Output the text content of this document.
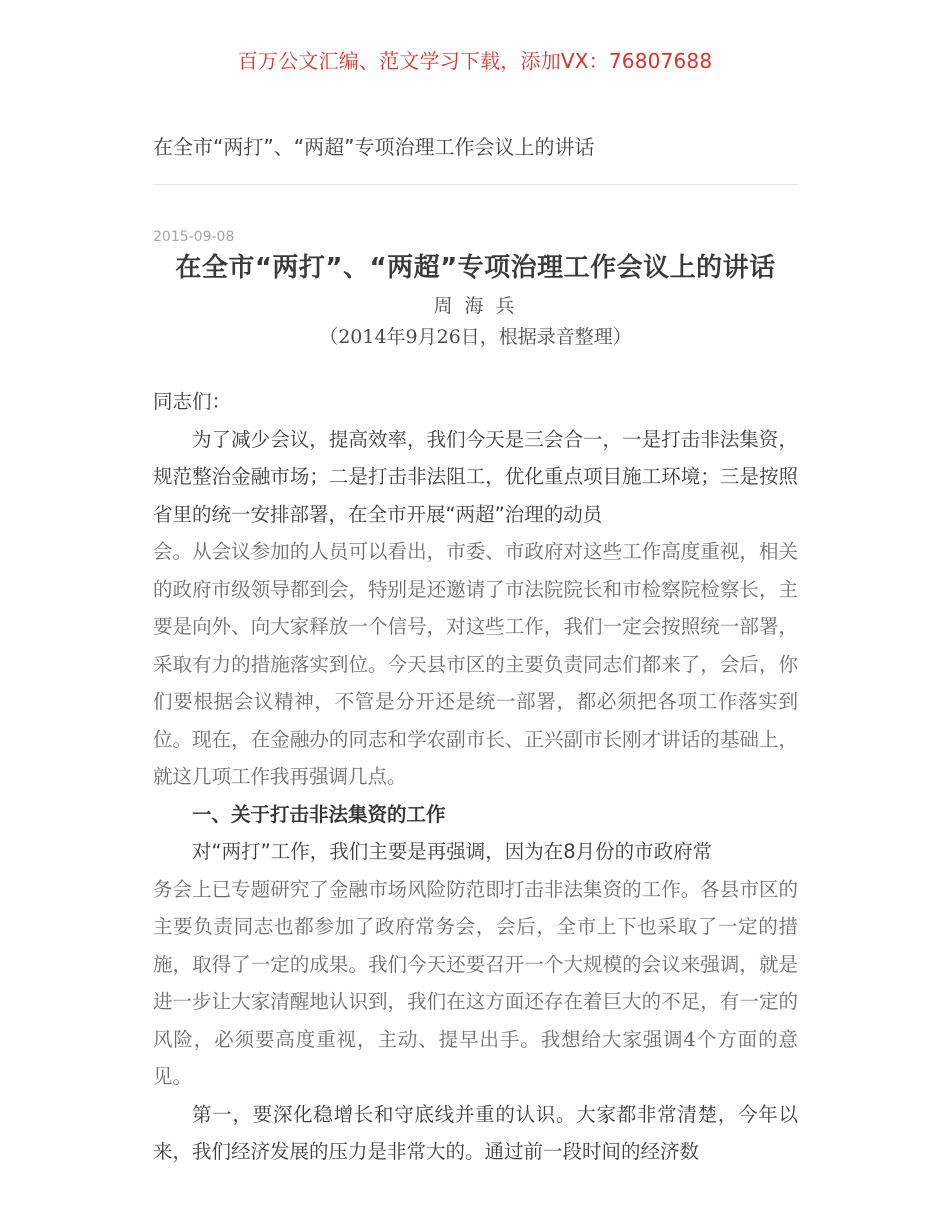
百万公文汇编、范文学习下载，添加VX：76807688
在全市“两打”、“两超”专项治理工作会议上的讲话
2015-09-08
在全市“两打”、“两超”专项治理工作会议上的讲话
周 海 兵
（2014年9月26日，根据录音整理）

同志们：

为了减少会议，提高效率，我们今天是三会合一，一是打击非法集资，规范整治金融市场；二是打击非法阻工，优化重点项目施工环境；三是按照省里的统一安排部署，在全市开展“两超”治理的动员

会。从会议参加的人员可以看出，市委、市政府对这些工作高度重视，相关的政府市级领导都到会，特别是还邀请了市法院院长和市检察院检察长，主要是向外、向大家释放一个信号，对这些工作，我们一定会按照统一部署，采取有力的措施落实到位。今天县市区的主要负责同志们都来了，会后，你们要根据会议精神，不管是分开还是统一部署，都必须把各项工作落实到位。现在，在金融办的同志和学农副市长、正兴副市长刚才讲话的基础上，就这几项工作我再强调几点。

一、关于打击非法集资的工作

对“两打”工作，我们主要是再强调，因为在8月份的市政府常

务会上已专题研究了金融市场风险防范即打击非法集资的工作。各县市区的主要负责同志也都参加了政府常务会，会后，全市上下也采取了一定的措施，取得了一定的成果。我们今天还要召开一个大规模的会议来强调，就是进一步让大家清醒地认识到，我们在这方面还存在着巨大的不足，有一定的风险，必须要高度重视，主动、提早出手。我想给大家强调4个方面的意见。

第一，要深化稳增长和守底线并重的认识。大家都非常清楚，今年以来，我们经济发展的压力是非常大的。通过前一段时间的经济数
